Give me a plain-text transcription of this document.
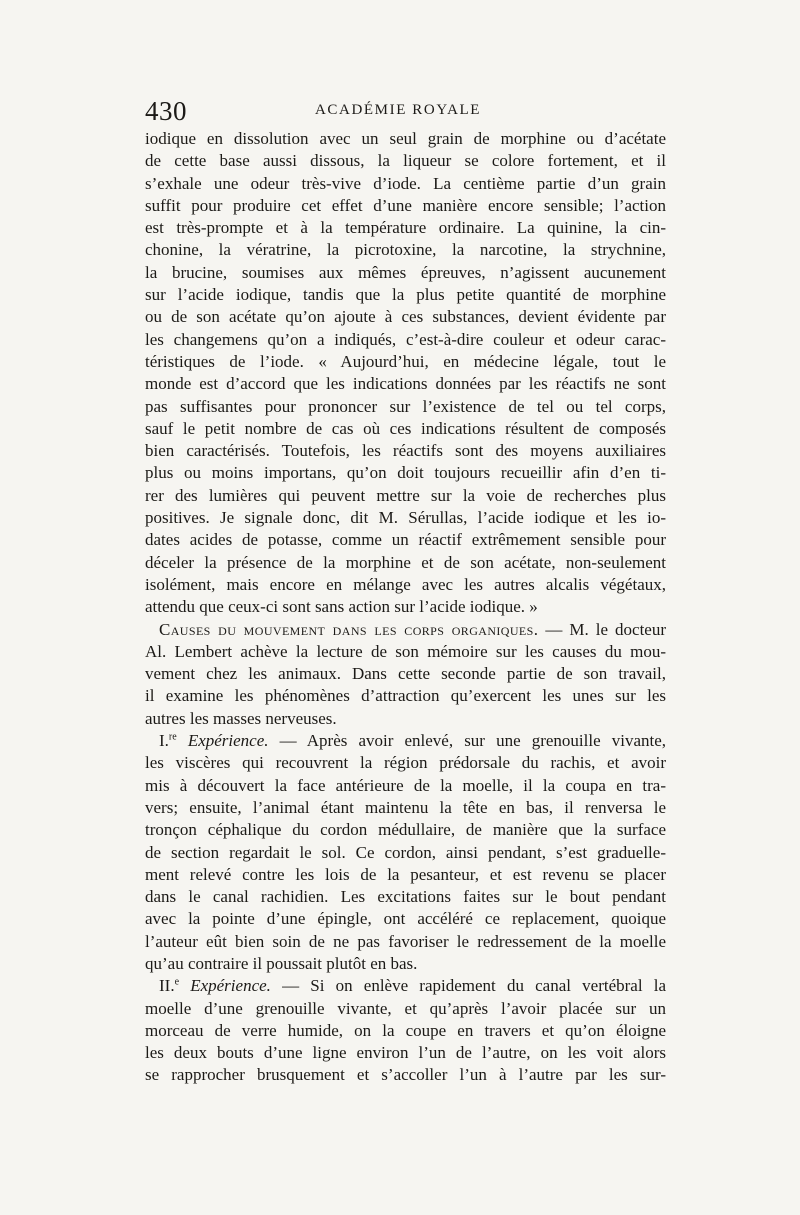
430	ACADÉMIE ROYALE
iodique en dissolution avec un seul grain de morphine ou d’acétate
de cette base aussi dissous, la liqueur se colore fortement, et il
s’exhale une odeur très-vive d’iode. La centième partie d’un grain
suffit pour produire cet effet d’une manière encore sensible; l’action
est très-prompte et à la température ordinaire. La quinine, la cin-
chonine, la vératrine, la picrotoxine, la narcotine, la strychnine,
la brucine, soumises aux mêmes épreuves, n’agissent aucunement
sur l’acide iodique, tandis que la plus petite quantité de morphine
ou de son acétate qu’on ajoute à ces substances, devient évidente par
les changemens qu’on a indiqués, c’est-à-dire couleur et odeur carac-
téristiques de l’iode. « Aujourd’hui, en médecine légale, tout le
monde est d’accord que les indications données par les réactifs ne sont
pas suffisantes pour prononcer sur l’existence de tel ou tel corps,
sauf le petit nombre de cas où ces indications résultent de composés
bien caractérisés. Toutefois, les réactifs sont des moyens auxiliaires
plus ou moins importans, qu’on doit toujours recueillir afin d’en ti-
rer des lumières qui peuvent mettre sur la voie de recherches plus
positives. Je signale donc, dit M. Sérullas, l’acide iodique et les io-
dates acides de potasse, comme un réactif extrêmement sensible pour
déceler la présence de la morphine et de son acétate, non-seulement
isolément, mais encore en mélange avec les autres alcalis végétaux,
attendu que ceux-ci sont sans action sur l’acide iodique. »
Causes du mouvement dans les corps organiques. — M. le docteur
Al. Lembert achève la lecture de son mémoire sur les causes du mou-
vement chez les animaux. Dans cette seconde partie de son travail,
il examine les phénomènes d’attraction qu’exercent les unes sur les
autres les masses nerveuses.
I.$^{re}$ Expérience. — Après avoir enlevé, sur une grenouille vivante,
les viscères qui recouvrent la région prédorsale du rachis, et avoir
mis à découvert la face antérieure de la moelle, il la coupa en tra-
vers; ensuite, l’animal étant maintenu la tête en bas, il renversa le
tronçon céphalique du cordon médullaire, de manière que la surface
de section regardait le sol. Ce cordon, ainsi pendant, s’est graduelle-
ment relevé contre les lois de la pesanteur, et est revenu se placer
dans le canal rachidien. Les excitations faites sur le bout pendant
avec la pointe d’une épingle, ont accéléré ce replacement, quoique
l’auteur eût bien soin de ne pas favoriser le redressement de la moelle
qu’au contraire il poussait plutôt en bas.
II.$^e$ Expérience. — Si on enlève rapidement du canal vertébral la
moelle d’une grenouille vivante, et qu’après l’avoir placée sur un
morceau de verre humide, on la coupe en travers et qu’on éloigne
les deux bouts d’une ligne environ l’un de l’autre, on les voit alors
se rapprocher brusquement et s’accoller l’un à l’autre par les sur-
